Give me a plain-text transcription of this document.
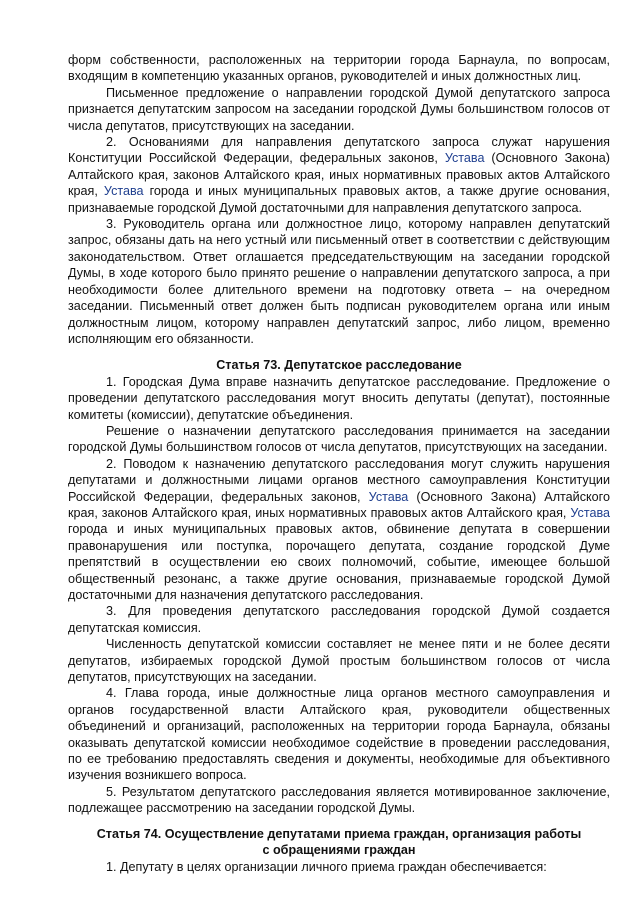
форм собственности, расположенных на территории города Барнаула, по вопросам, входящим в компетенцию указанных органов, руководителей и иных должностных лиц.

Письменное предложение о направлении городской Думой депутатского запроса признается депутатским запросом на заседании городской Думы большинством голосов от числа депутатов, присутствующих на заседании.

2. Основаниями для направления депутатского запроса служат нарушения Конституции Российской Федерации, федеральных законов, Устава (Основного Закона) Алтайского края, законов Алтайского края, иных нормативных правовых актов Алтайского края, Устава города и иных муниципальных правовых актов, а также другие основания, признаваемые городской Думой достаточными для направления депутатского запроса.

3. Руководитель органа или должностное лицо, которому направлен депутатский запрос, обязаны дать на него устный или письменный ответ в соответствии с действующим законодательством. Ответ оглашается председательствующим на заседании городской Думы, в ходе которого было принято решение о направлении депутатского запроса, а при необходимости более длительного времени на подготовку ответа – на очередном заседании. Письменный ответ должен быть подписан руководителем органа или иным должностным лицом, которому направлен депутатский запрос, либо лицом, временно исполняющим его обязанности.

Статья 73. Депутатское расследование

1. Городская Дума вправе назначить депутатское расследование. Предложение о проведении депутатского расследования могут вносить депутаты (депутат), постоянные комитеты (комиссии), депутатские объединения.

Решение о назначении депутатского расследования принимается на заседании городской Думы большинством голосов от числа депутатов, присутствующих на заседании.

2. Поводом к назначению депутатского расследования могут служить нарушения депутатами и должностными лицами органов местного самоуправления Конституции Российской Федерации, федеральных законов, Устава (Основного Закона) Алтайского края, законов Алтайского края, иных нормативных правовых актов Алтайского края, Устава города и иных муниципальных правовых актов, обвинение депутата в совершении правонарушения или поступка, порочащего депутата, создание городской Думе препятствий в осуществлении ею своих полномочий, событие, имеющее большой общественный резонанс, а также другие основания, признаваемые городской Думой достаточными для назначения депутатского расследования.

3. Для проведения депутатского расследования городской Думой создается депутатская комиссия.

Численность депутатской комиссии составляет не менее пяти и не более десяти депутатов, избираемых городской Думой простым большинством голосов от числа депутатов, присутствующих на заседании.

4. Глава города, иные должностные лица органов местного самоуправления и органов государственной власти Алтайского края, руководители общественных объединений и организаций, расположенных на территории города Барнаула, обязаны оказывать депутатской комиссии необходимое содействие в проведении расследования, по ее требованию предоставлять сведения и документы, необходимые для объективного изучения возникшего вопроса.

5. Результатом депутатского расследования является мотивированное заключение, подлежащее рассмотрению на заседании городской Думы.

Статья 74. Осуществление депутатами приема граждан, организация работы
с обращениями граждан

1. Депутату в целях организации личного приема граждан обеспечивается:
